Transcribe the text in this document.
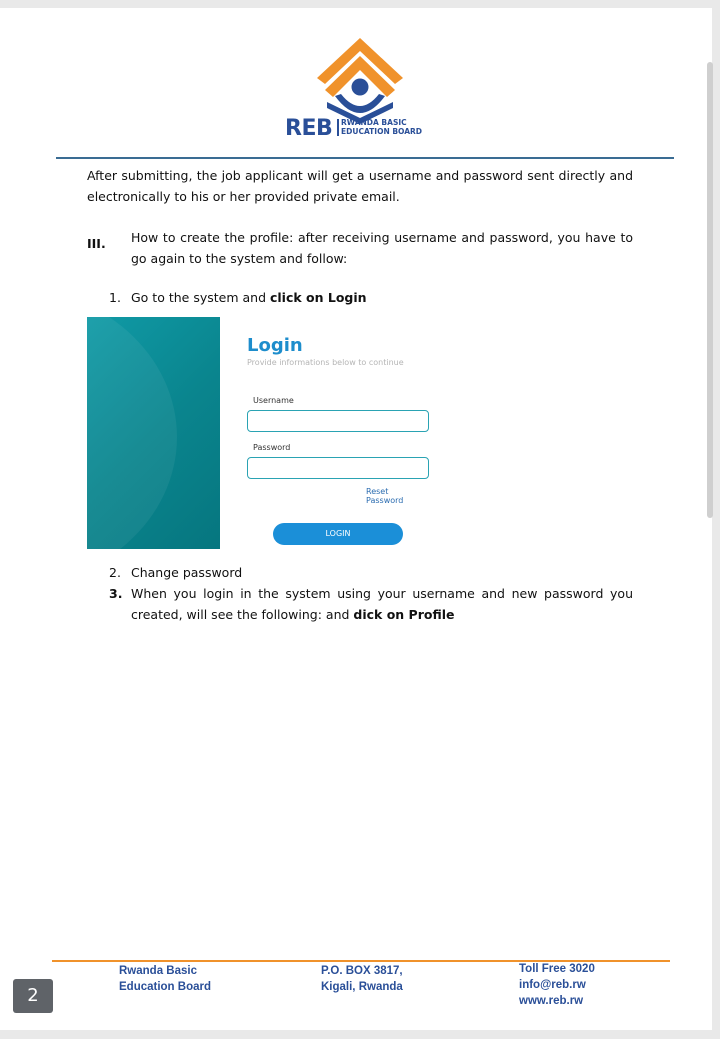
REB RWANDA BASIC
EDUCATION BOARD
After submitting, the job applicant will get a username and password sent directly and electronically to his or her provided private email.
III. How to create the profile: after receiving username and password, you have to go again to the system and follow:
1. Go to the system and click on Login
Login
Provide informations below to continue
Username
Password
Reset Password
LOGIN
2. Change password
3. When you login in the system using your username and new password you created, will see the following: and dick on Profile
Rwanda Basic
Education Board
P.O. BOX 3817,
Kigali, Rwanda
Toll Free 3020
info@reb.rw
www.reb.rw
2
